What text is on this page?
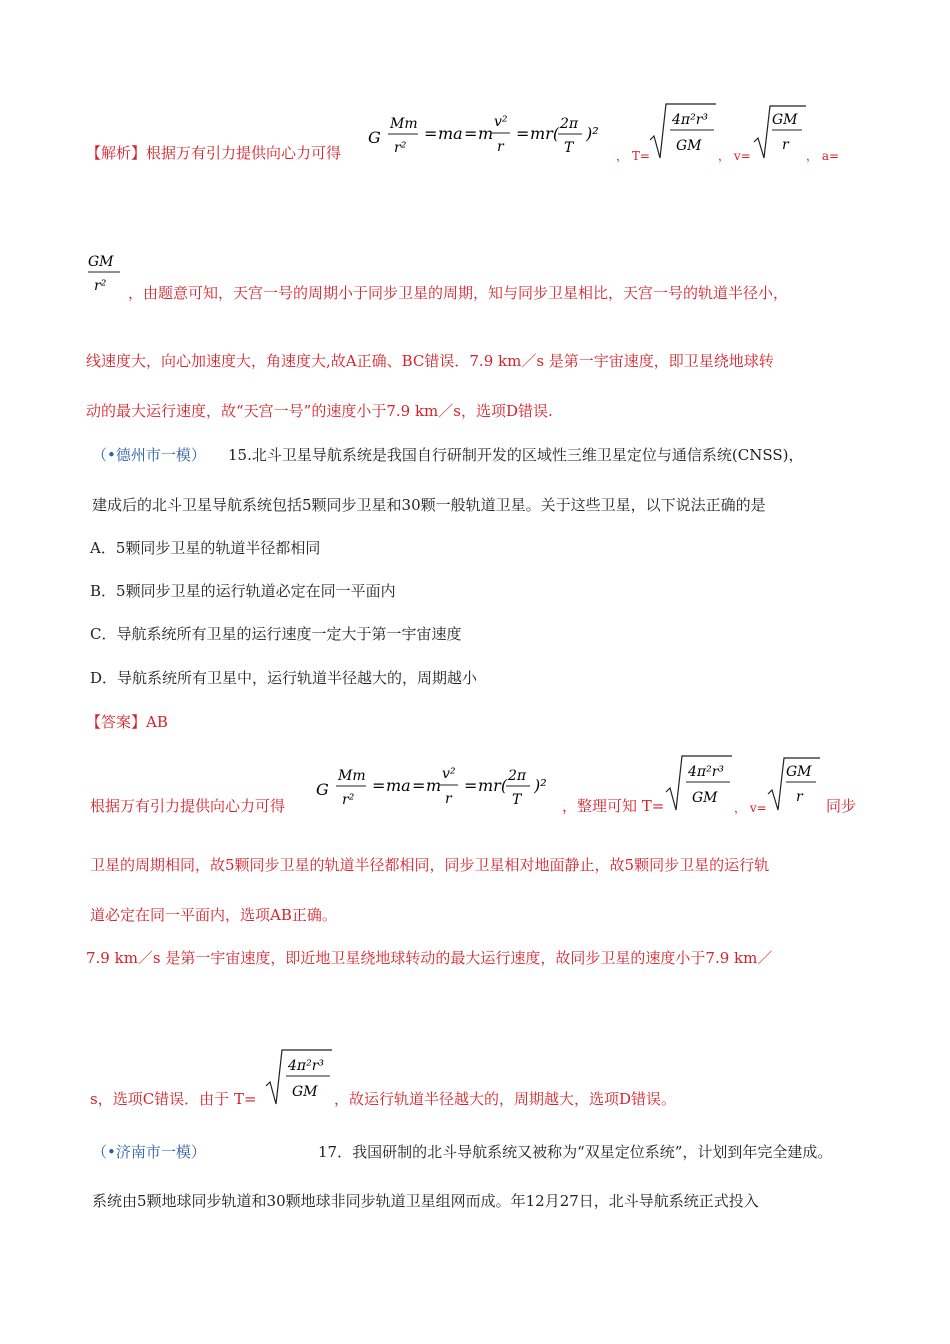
【解析】根据万有引力提供向心力可得
G
Mm
r²
= ma = m
v²
r
= mr( 2π
T
)²
， T=
4π²r³
GM
， v=
GM
r
， a=
GM
r² ，由题意可知，天宫一号的周期小于同步卫星的周期，知与同步卫星相比，天宫一号的轨道半径小，
线速度大，向心加速度大，角速度大,故A正确、BC错误．7.9 km／s 是第一宇宙速度，即卫星绕地球转
动的最大运行速度，故“天宫一号”的速度小于7.9 km／s，选项D错误.
（•德州市一模） 15.北斗卫星导航系统是我国自行研制开发的区域性三维卫星定位与通信系统(CNSS)，
建成后的北斗卫星导航系统包括5颗同步卫星和30颗一般轨道卫星。关于这些卫星，以下说法正确的是
A．5颗同步卫星的轨道半径都相同
B．5颗同步卫星的运行轨道必定在同一平面内
C．导航系统所有卫星的运行速度一定大于第一宇宙速度
D．导航系统所有卫星中，运行轨道半径越大的，周期越小
【答案】AB
根据万有引力提供向心力可得
G
Mm
r²
= ma = m
v²
r
= mr( 2π
T
)²
，整理可知 T=
4π²r³
GM
， v=
GM
r 同步
卫星的周期相同，故5颗同步卫星的轨道半径都相同，同步卫星相对地面静止，故5颗同步卫星的运行轨
道必定在同一平面内，选项AB正确。
7.9 km／s 是第一宇宙速度，即近地卫星绕地球转动的最大运行速度，故同步卫星的速度小于7.9 km／
s，选项C错误．由于 T=
4π²r³
GM ，故运行轨道半径越大的，周期越大，选项D错误。
（•济南市一模）	17．我国研制的北斗导航系统又被称为“双星定位系统”，计划到年完全建成。
系统由5颗地球同步轨道和30颗地球非同步轨道卫星组网而成。年12月27日，北斗导航系统正式投入
